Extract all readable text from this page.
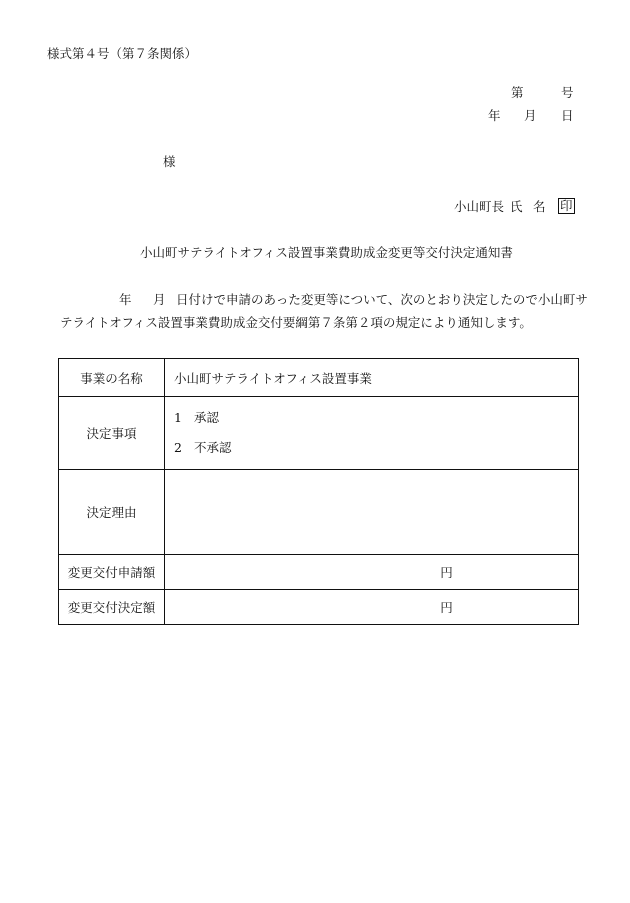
様式第４号（第７条関係）
第	号
年 月 日
様
小山町長 氏 名	印
小山町サテライトオフィス設置事業費助成金変更等交付決定通知書
年 月 日付けで申請のあった変更等について、次のとおり決定したので小山町サ
テライトオフィス設置事業費助成金交付要綱第７条第２項の規定により通知します。
事業の名称	小山町サテライトオフィス設置事業
決定事項	1 承認
2 不承認

決定理由	
変更交付申請額	円
変更交付決定額	円
